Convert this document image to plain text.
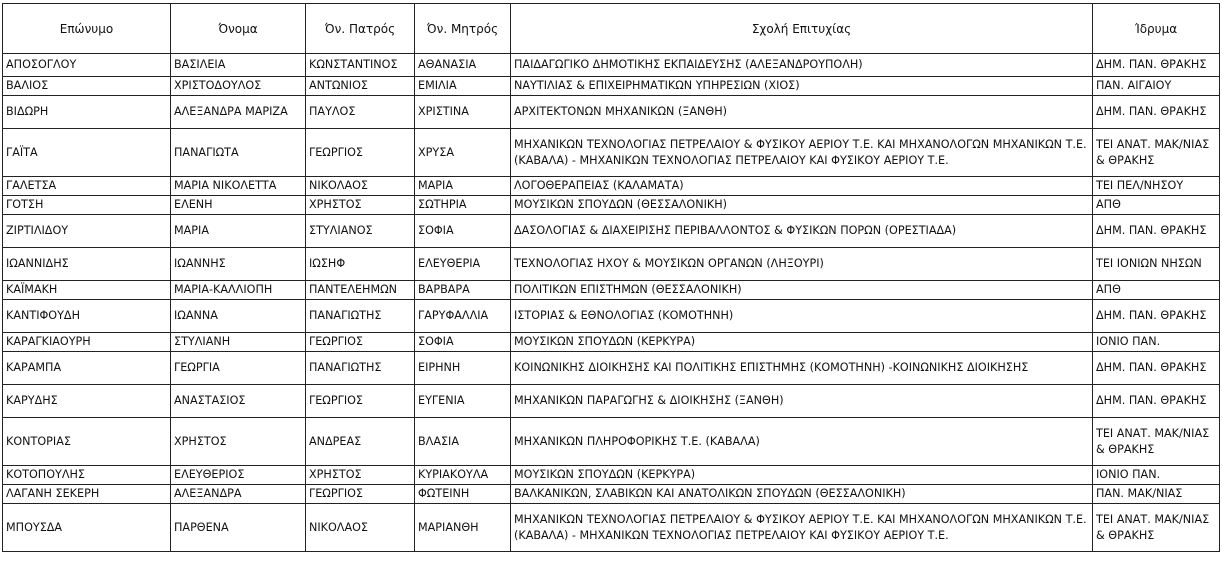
Επώνυμο	Όνομα	Όν. Πατρός	Όν. Μητρός	Σχολή Επιτυχίας	Ίδρυμα
ΑΠΟΣΟΓΛΟΥ	ΒΑΣΙΛΕΙΑ	ΚΩΝΣΤΑΝΤΙΝΟΣ	ΑΘΑΝΑΣΙΑ	ΠΑΙΔΑΓΩΓΙΚΟ ΔΗΜΟΤΙΚΗΣ ΕΚΠΑΙΔΕΥΣΗΣ (ΑΛΕΞΑΝΔΡΟΥΠΟΛΗ)	ΔΗΜ. ΠΑΝ. ΘΡΑΚΗΣ
ΒΑΛΙΟΣ	ΧΡΙΣΤΟΔΟΥΛΟΣ	ΑΝΤΩΝΙΟΣ	ΕΜΙΛΙΑ	ΝΑΥΤΙΛΙΑΣ & ΕΠΙΧΕΙΡΗΜΑΤΙΚΩΝ ΥΠΗΡΕΣΙΩΝ (ΧΙΟΣ)	ΠΑΝ. ΑΙΓΑΙΟΥ
ΒΙΔΩΡΗ	ΑΛΕΞΑΝΔΡΑ ΜΑΡΙΖΑ	ΠΑΥΛΟΣ	ΧΡΙΣΤΙΝΑ	ΑΡΧΙΤΕΚΤΟΝΩΝ ΜΗΧΑΝΙΚΩΝ (ΞΑΝΘΗ)	ΔΗΜ. ΠΑΝ. ΘΡΑΚΗΣ
ΓΑΪΤΑ	ΠΑΝΑΓΙΩΤΑ	ΓΕΩΡΓΙΟΣ	ΧΡΥΣΑ	ΜΗΧΑΝΙΚΩΝ ΤΕΧΝΟΛΟΓΙΑΣ ΠΕΤΡΕΛΑΙΟΥ & ΦΥΣΙΚΟΥ ΑΕΡΙΟΥ Τ.Ε. ΚΑΙ ΜΗΧΑΝΟΛΟΓΩΝ ΜΗΧΑΝΙΚΩΝ Τ.Ε. (ΚΑΒΑΛΑ) - ΜΗΧΑΝΙΚΩΝ ΤΕΧΝΟΛΟΓΙΑΣ ΠΕΤΡΕΛΑΙΟΥ ΚΑΙ ΦΥΣΙΚΟΥ ΑΕΡΙΟΥ Τ.Ε.	ΤΕΙ ΑΝΑΤ. ΜΑΚ/ΝΙΑΣ & ΘΡΑΚΗΣ
ΓΑΛΕΤΣΑ	ΜΑΡΙΑ ΝΙΚΟΛΕΤΤΑ	ΝΙΚΟΛΑΟΣ	ΜΑΡΙΑ	ΛΟΓΟΘΕΡΑΠΕΙΑΣ (ΚΑΛΑΜΑΤΑ)	ΤΕΙ ΠΕΛ/ΝΗΣΟΥ
ΓΟΤΣΗ	ΕΛΕΝΗ	ΧΡΗΣΤΟΣ	ΣΩΤΗΡΙΑ	ΜΟΥΣΙΚΩΝ ΣΠΟΥΔΩΝ (ΘΕΣΣΑΛΟΝΙΚΗ)	ΑΠΘ
ΖΙΡΤΙΛΙΔΟΥ	ΜΑΡΙΑ	ΣΤΥΛΙΑΝΟΣ	ΣΟΦΙΑ	ΔΑΣΟΛΟΓΙΑΣ & ΔΙΑΧΕΙΡΙΣΗΣ ΠΕΡΙΒΑΛΛΟΝΤΟΣ & ΦΥΣΙΚΩΝ ΠΟΡΩΝ (ΟΡΕΣΤΙΑΔΑ)	ΔΗΜ. ΠΑΝ. ΘΡΑΚΗΣ
ΙΩΑΝΝΙΔΗΣ	ΙΩΑΝΝΗΣ	ΙΩΣΗΦ	ΕΛΕΥΘΕΡΙΑ	ΤΕΧΝΟΛΟΓΙΑΣ ΗΧΟΥ & ΜΟΥΣΙΚΩΝ ΟΡΓΑΝΩΝ (ΛΗΞΟΥΡΙ)	ΤΕΙ ΙΟΝΙΩΝ ΝΗΣΩΝ
ΚΑΪΜΑΚΗ	ΜΑΡΙΑ-ΚΑΛΛΙΟΠΗ	ΠΑΝΤΕΛΕΗΜΩΝ	ΒΑΡΒΑΡΑ	ΠΟΛΙΤΙΚΩΝ ΕΠΙΣΤΗΜΩΝ (ΘΕΣΣΑΛΟΝΙΚΗ)	ΑΠΘ
ΚΑΝΤΙΦΟΥΔΗ	ΙΩΑΝΝΑ	ΠΑΝΑΓΙΩΤΗΣ	ΓΑΡΥΦΑΛΛΙΑ	ΙΣΤΟΡΙΑΣ & ΕΘΝΟΛΟΓΙΑΣ (ΚΟΜΟΤΗΝΗ)	ΔΗΜ. ΠΑΝ. ΘΡΑΚΗΣ
ΚΑΡΑΓΚΙΑΟΥΡΗ	ΣΤΥΛΙΑΝΗ	ΓΕΩΡΓΙΟΣ	ΣΟΦΙΑ	ΜΟΥΣΙΚΩΝ ΣΠΟΥΔΩΝ (ΚΕΡΚΥΡΑ)	ΙΟΝΙΟ ΠΑΝ.
ΚΑΡΑΜΠΑ	ΓΕΩΡΓΙΑ	ΠΑΝΑΓΙΩΤΗΣ	ΕΙΡΗΝΗ	ΚΟΙΝΩΝΙΚΗΣ ΔΙΟΙΚΗΣΗΣ ΚΑΙ ΠΟΛΙΤΙΚΗΣ ΕΠΙΣΤΗΜΗΣ (ΚΟΜΟΤΗΝΗ) -ΚΟΙΝΩΝΙΚΗΣ ΔΙΟΙΚΗΣΗΣ	ΔΗΜ. ΠΑΝ. ΘΡΑΚΗΣ
ΚΑΡΥΔΗΣ	ΑΝΑΣΤΑΣΙΟΣ	ΓΕΩΡΓΙΟΣ	ΕΥΓΕΝΙΑ	ΜΗΧΑΝΙΚΩΝ ΠΑΡΑΓΩΓΗΣ & ΔΙΟΙΚΗΣΗΣ (ΞΑΝΘΗ)	ΔΗΜ. ΠΑΝ. ΘΡΑΚΗΣ
ΚΟΝΤΟΡΙΑΣ	ΧΡΗΣΤΟΣ	ΑΝΔΡΕΑΣ	ΒΛΑΣΙΑ	ΜΗΧΑΝΙΚΩΝ ΠΛΗΡΟΦΟΡΙΚΗΣ Τ.Ε. (ΚΑΒΑΛΑ)	ΤΕΙ ΑΝΑΤ. ΜΑΚ/ΝΙΑΣ & ΘΡΑΚΗΣ
ΚΟΤΟΠΟΥΛΗΣ	ΕΛΕΥΘΕΡΙΟΣ	ΧΡΗΣΤΟΣ	ΚΥΡΙΑΚΟΥΛΑ	ΜΟΥΣΙΚΩΝ ΣΠΟΥΔΩΝ (ΚΕΡΚΥΡΑ)	ΙΟΝΙΟ ΠΑΝ.
ΛΑΓΑΝΗ ΣΕΚΕΡΗ	ΑΛΕΞΑΝΔΡΑ	ΓΕΩΡΓΙΟΣ	ΦΩΤΕΙΝΗ	ΒΑΛΚΑΝΙΚΩΝ, ΣΛΑΒΙΚΩΝ ΚΑΙ ΑΝΑΤΟΛΙΚΩΝ ΣΠΟΥΔΩΝ (ΘΕΣΣΑΛΟΝΙΚΗ)	ΠΑΝ. ΜΑΚ/ΝΙΑΣ
ΜΠΟΥΣΔΑ	ΠΑΡΘΕΝΑ	ΝΙΚΟΛΑΟΣ	ΜΑΡΙΑΝΘΗ	ΜΗΧΑΝΙΚΩΝ ΤΕΧΝΟΛΟΓΙΑΣ ΠΕΤΡΕΛΑΙΟΥ & ΦΥΣΙΚΟΥ ΑΕΡΙΟΥ Τ.Ε. ΚΑΙ ΜΗΧΑΝΟΛΟΓΩΝ ΜΗΧΑΝΙΚΩΝ Τ.Ε. (ΚΑΒΑΛΑ) - ΜΗΧΑΝΙΚΩΝ ΤΕΧΝΟΛΟΓΙΑΣ ΠΕΤΡΕΛΑΙΟΥ ΚΑΙ ΦΥΣΙΚΟΥ ΑΕΡΙΟΥ Τ.Ε.	ΤΕΙ ΑΝΑΤ. ΜΑΚ/ΝΙΑΣ & ΘΡΑΚΗΣ
